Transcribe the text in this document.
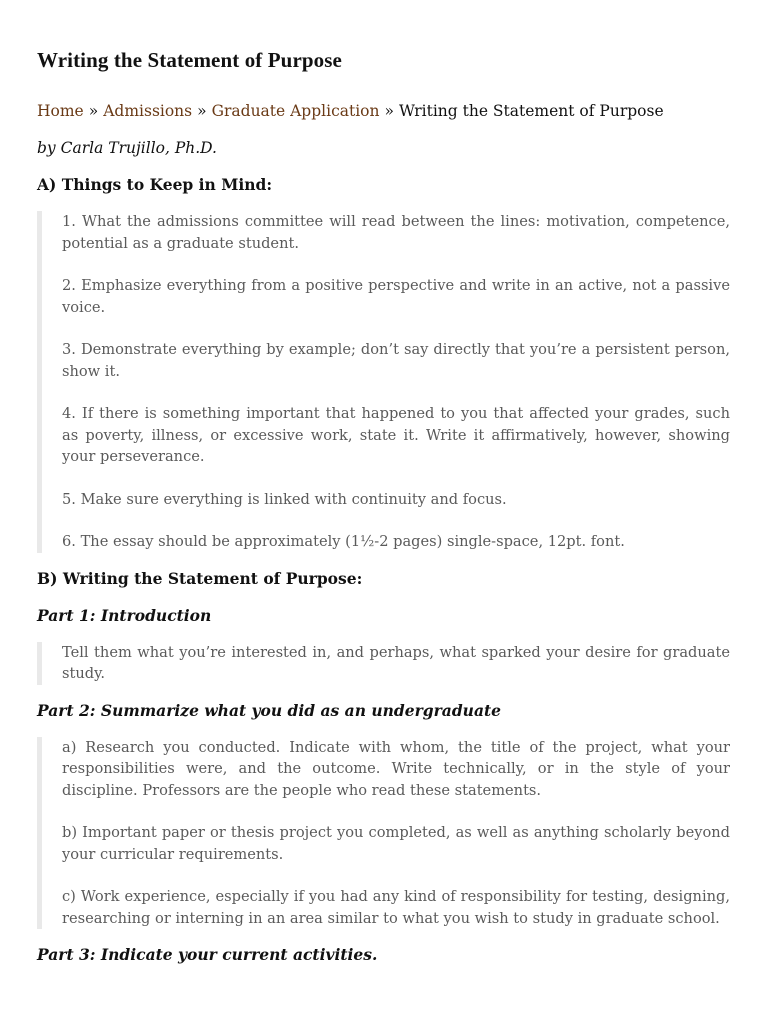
Writing the Statement of Purpose
Home » Admissions » Graduate Application » Writing the Statement of Purpose
by Carla Trujillo, Ph.D.
A) Things to Keep in Mind:

1. What the admissions committee will read between the lines: motivation, competence, potential as a graduate student.

2. Emphasize everything from a positive perspective and write in an active, not a passive voice.

3. Demonstrate everything by example; don’t say directly that you’re a persistent person, show it.

4. If there is something important that happened to you that affected your grades, such as poverty, illness, or excessive work, state it. Write it affirmatively, however, showing your perseverance.

5. Make sure everything is linked with continuity and focus.

6. The essay should be approximately (1½-2 pages) single-space, 12pt. font.

B) Writing the Statement of Purpose:
Part 1: Introduction

Tell them what you’re interested in, and perhaps, what sparked your desire for graduate study.

Part 2: Summarize what you did as an undergraduate

a) Research you conducted. Indicate with whom, the title of the project, what your responsibilities were, and the outcome. Write technically, or in the style of your discipline. Professors are the people who read these statements.

b) Important paper or thesis project you completed, as well as anything scholarly beyond your curricular requirements.

c) Work experience, especially if you had any kind of responsibility for testing, designing, researching or interning in an area similar to what you wish to study in graduate school.

Part 3: Indicate your current activities.
